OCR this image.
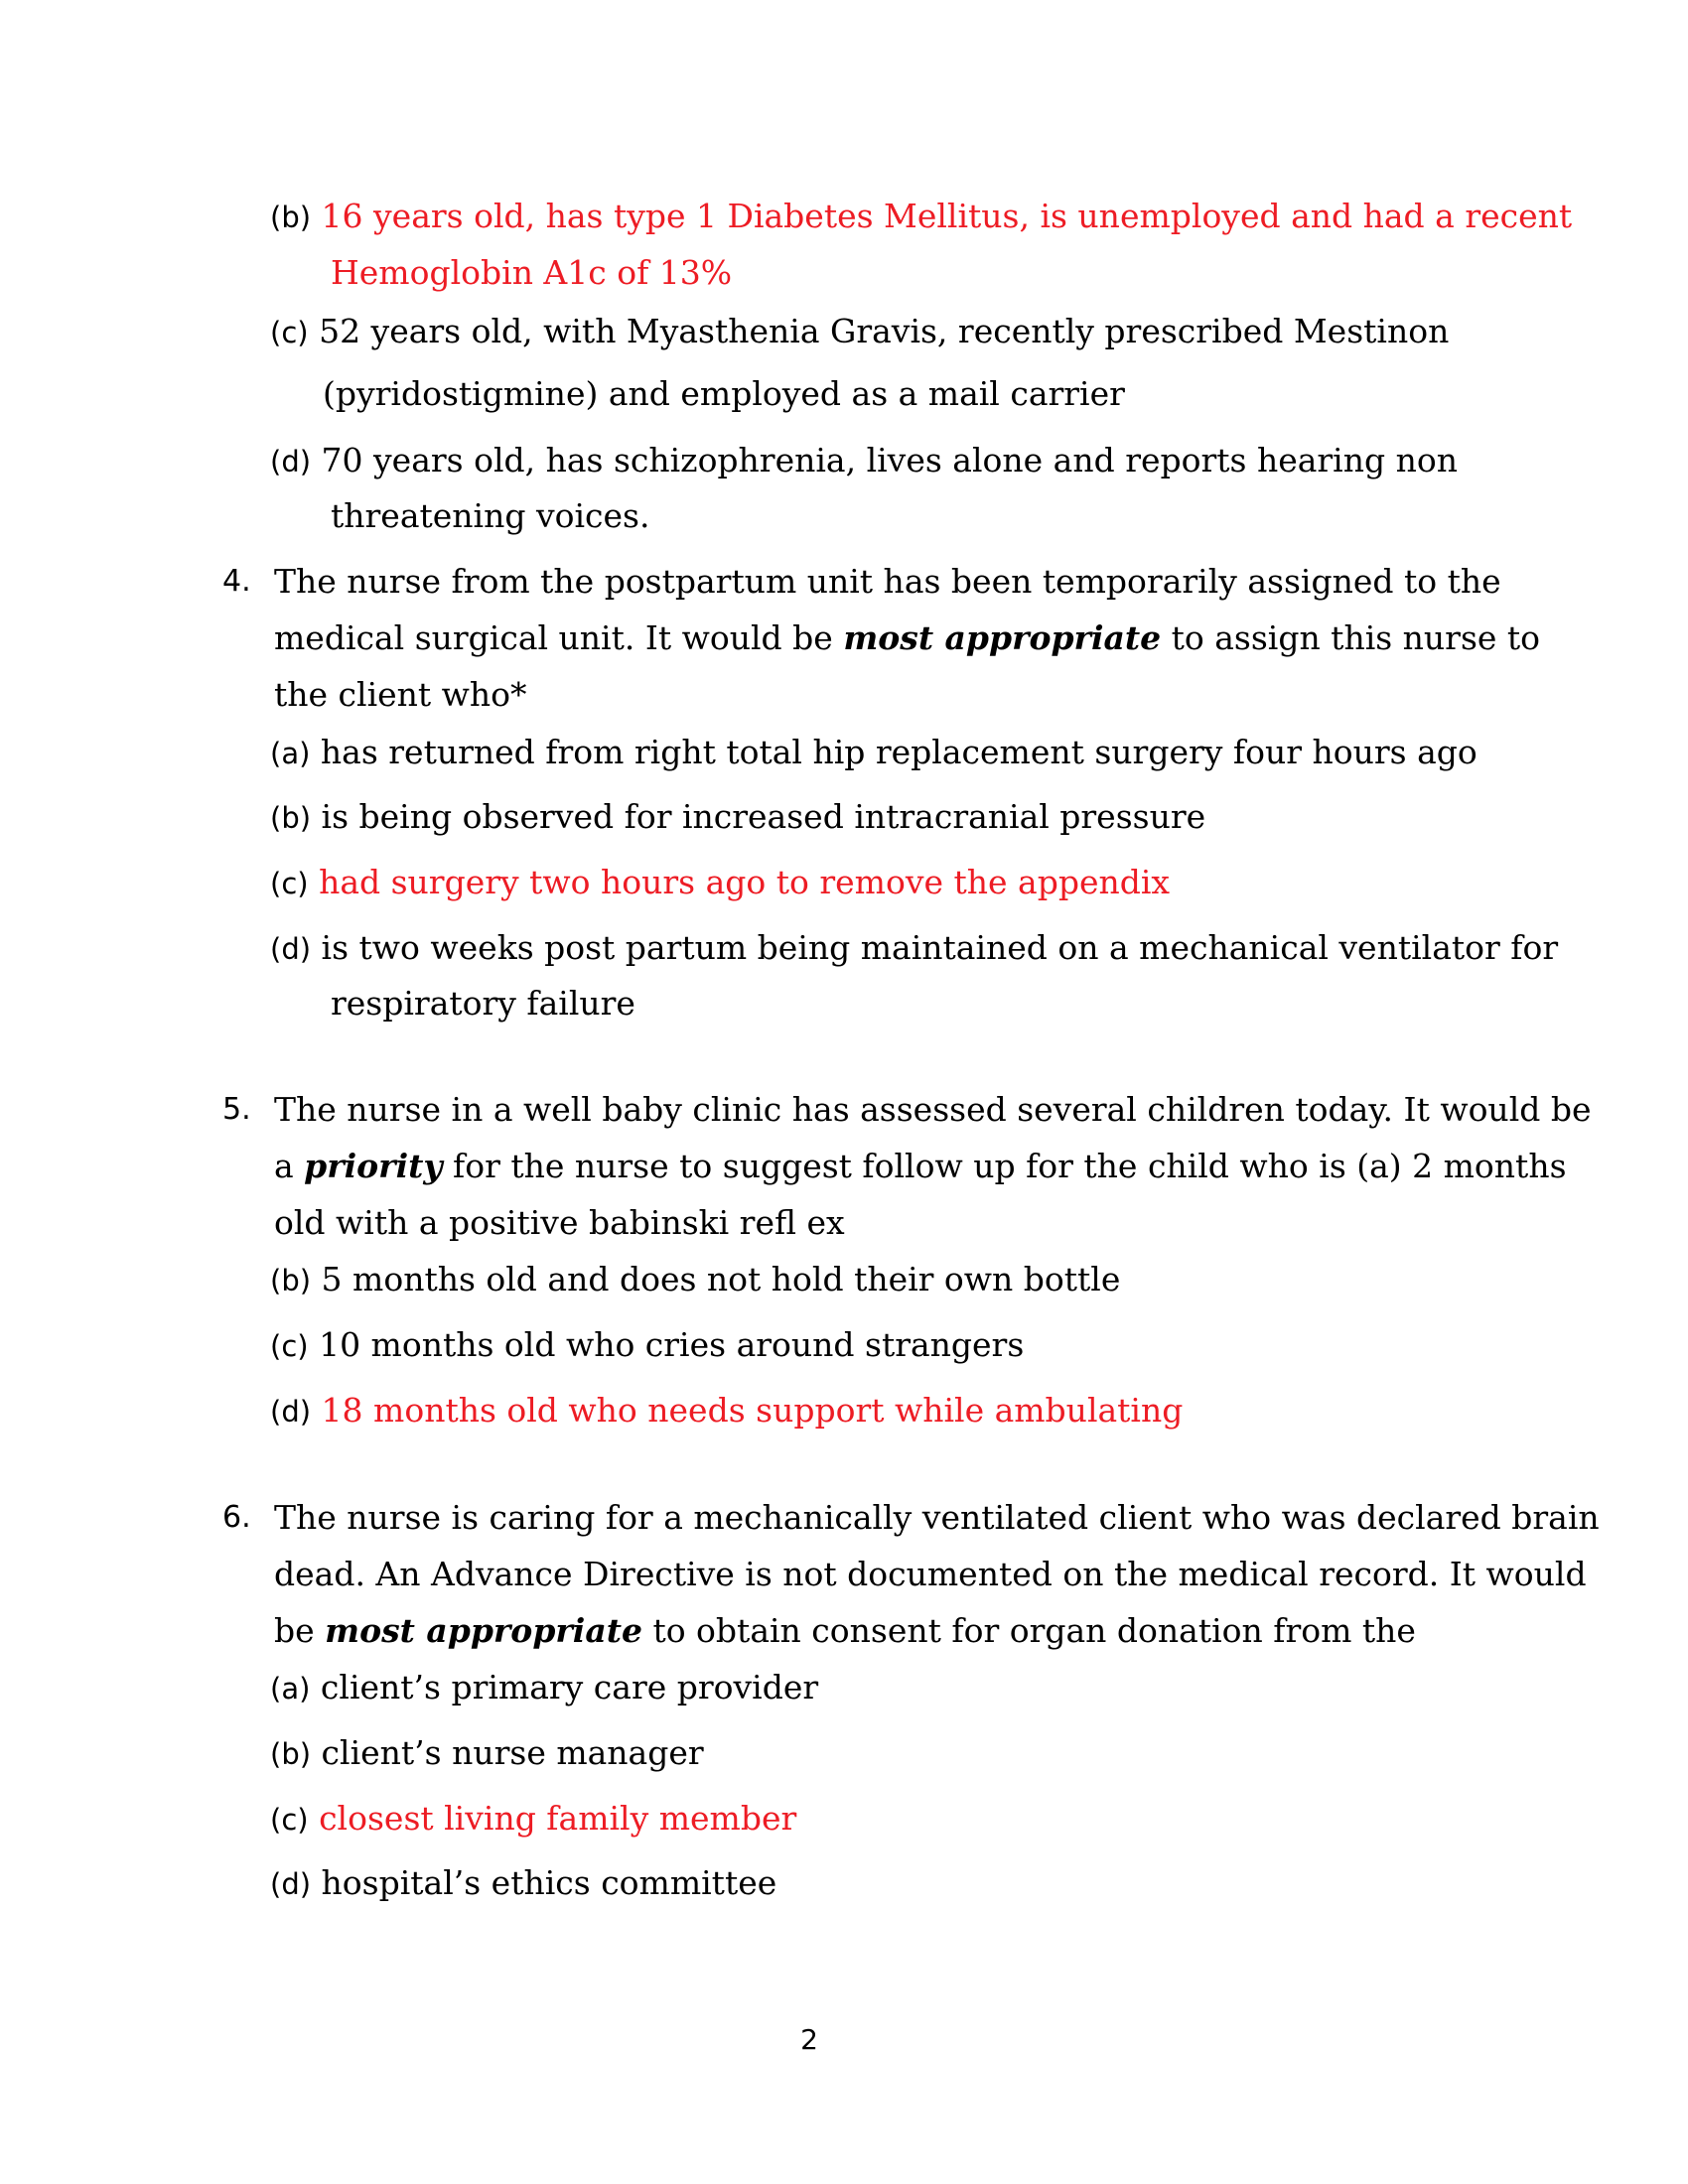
(b) 16 years old, has type 1 Diabetes Mellitus, is unemployed and had a recent
Hemoglobin A1c of 13%
(c) 52 years old, with Myasthenia Gravis, recently prescribed Mestinon
(pyridostigmine) and employed as a mail carrier
(d) 70 years old, has schizophrenia, lives alone and reports hearing non
threatening voices.
4. The nurse from the postpartum unit has been temporarily assigned to the
medical surgical unit. It would be most appropriate to assign this nurse to
the client who*
(a) has returned from right total hip replacement surgery four hours ago
(b) is being observed for increased intracranial pressure
(c) had surgery two hours ago to remove the appendix
(d) is two weeks post partum being maintained on a mechanical ventilator for
respiratory failure
5. The nurse in a well baby clinic has assessed several children today. It would be
a priority for the nurse to suggest follow up for the child who is (a) 2 months
old with a positive babinski refl ex
(b) 5 months old and does not hold their own bottle
(c) 10 months old who cries around strangers
(d) 18 months old who needs support while ambulating
6. The nurse is caring for a mechanically ventilated client who was declared brain
dead. An Advance Directive is not documented on the medical record. It would
be most appropriate to obtain consent for organ donation from the
(a) client’s primary care provider
(b) client’s nurse manager
(c) closest living family member
(d) hospital’s ethics committee
2
